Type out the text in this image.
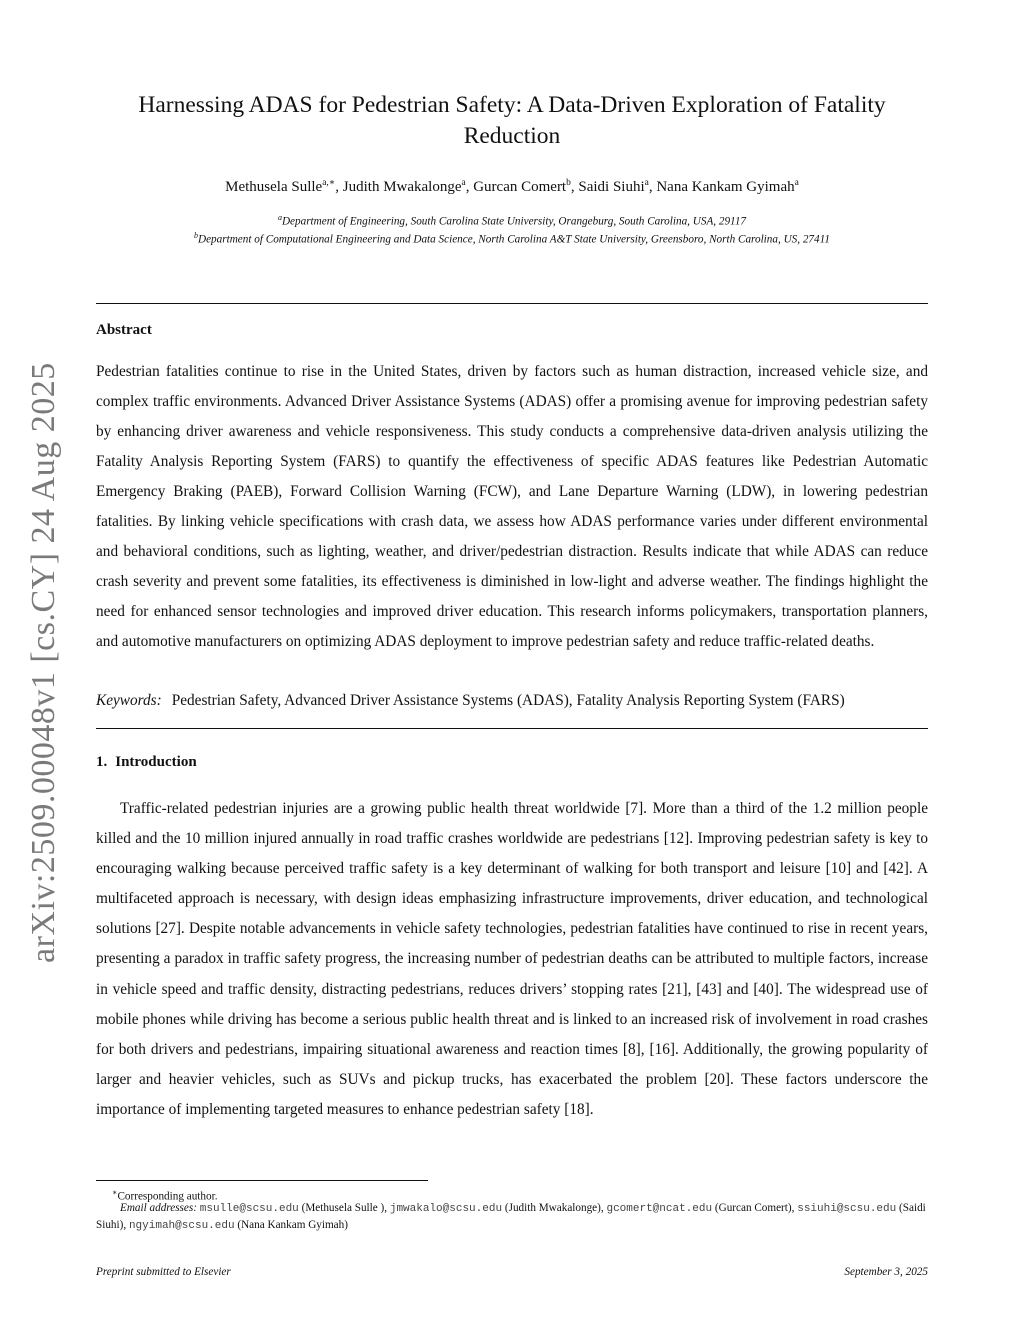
arXiv:2509.00048v1 [cs.CY] 24 Aug 2025
Harnessing ADAS for Pedestrian Safety: A Data-Driven Exploration of Fatality Reduction
Methusela Sulle$^{a,∗}$, Judith Mwakalonge$^a$, Gurcan Comert$^b$, Saidi Siuhi$^a$, Nana Kankam Gyimah$^a$
$^a$Department of Engineering, South Carolina State University, Orangeburg, South Carolina, USA, 29117
$^b$Department of Computational Engineering and Data Science, North Carolina A&T State University, Greensboro, North Carolina, US, 27411
Abstract
Pedestrian fatalities continue to rise in the United States, driven by factors such as human distraction, increased vehicle size, and complex traffic environments. Advanced Driver Assistance Systems (ADAS) offer a promising avenue for improving pedestrian safety by enhancing driver awareness and vehicle responsiveness. This study conducts a comprehensive data-driven analysis utilizing the Fatality Analysis Reporting System (FARS) to quantify the effectiveness of specific ADAS features like Pedestrian Automatic Emergency Braking (PAEB), Forward Collision Warning (FCW), and Lane Departure Warning (LDW), in lowering pedestrian fatalities. By linking vehicle specifications with crash data, we assess how ADAS performance varies under different environmental and behavioral conditions, such as lighting, weather, and driver/pedestrian distraction. Results indicate that while ADAS can reduce crash severity and prevent some fatalities, its effectiveness is diminished in low-light and adverse weather. The findings highlight the need for enhanced sensor technologies and improved driver education. This research informs policymakers, transportation planners, and automotive manufacturers on optimizing ADAS deployment to improve pedestrian safety and reduce traffic-related deaths.
Keywords: Pedestrian Safety, Advanced Driver Assistance Systems (ADAS), Fatality Analysis Reporting System (FARS)
1. Introduction
Traffic-related pedestrian injuries are a growing public health threat worldwide [7]. More than a third of the 1.2 million people killed and the 10 million injured annually in road traffic crashes worldwide are pedestrians [12]. Improving pedestrian safety is key to encouraging walking because perceived traffic safety is a key determinant of walking for both transport and leisure [10] and [42]. A multifaceted approach is necessary, with design ideas emphasizing infrastructure improvements, driver education, and technological solutions [27]. Despite notable advancements in vehicle safety technologies, pedestrian fatalities have continued to rise in recent years, presenting a paradox in traffic safety progress, the increasing number of pedestrian deaths can be attributed to multiple factors, increase in vehicle speed and traffic density, distracting pedestrians, reduces drivers’ stopping rates [21], [43] and [40]. The widespread use of mobile phones while driving has become a serious public health threat and is linked to an increased risk of involvement in road crashes for both drivers and pedestrians, impairing situational awareness and reaction times [8], [16]. Additionally, the growing popularity of larger and heavier vehicles, such as SUVs and pickup trucks, has exacerbated the problem [20]. These factors underscore the importance of implementing targeted measures to enhance pedestrian safety [18].
∗Corresponding author.
Email addresses: msulle@scsu.edu (Methusela Sulle ), jmwakalo@scsu.edu (Judith Mwakalonge), gcomert@ncat.edu (Gurcan Comert), ssiuhi@scsu.edu (Saidi Siuhi), ngyimah@scsu.edu (Nana Kankam Gyimah)
Preprint submitted to Elsevier	September 3, 2025
